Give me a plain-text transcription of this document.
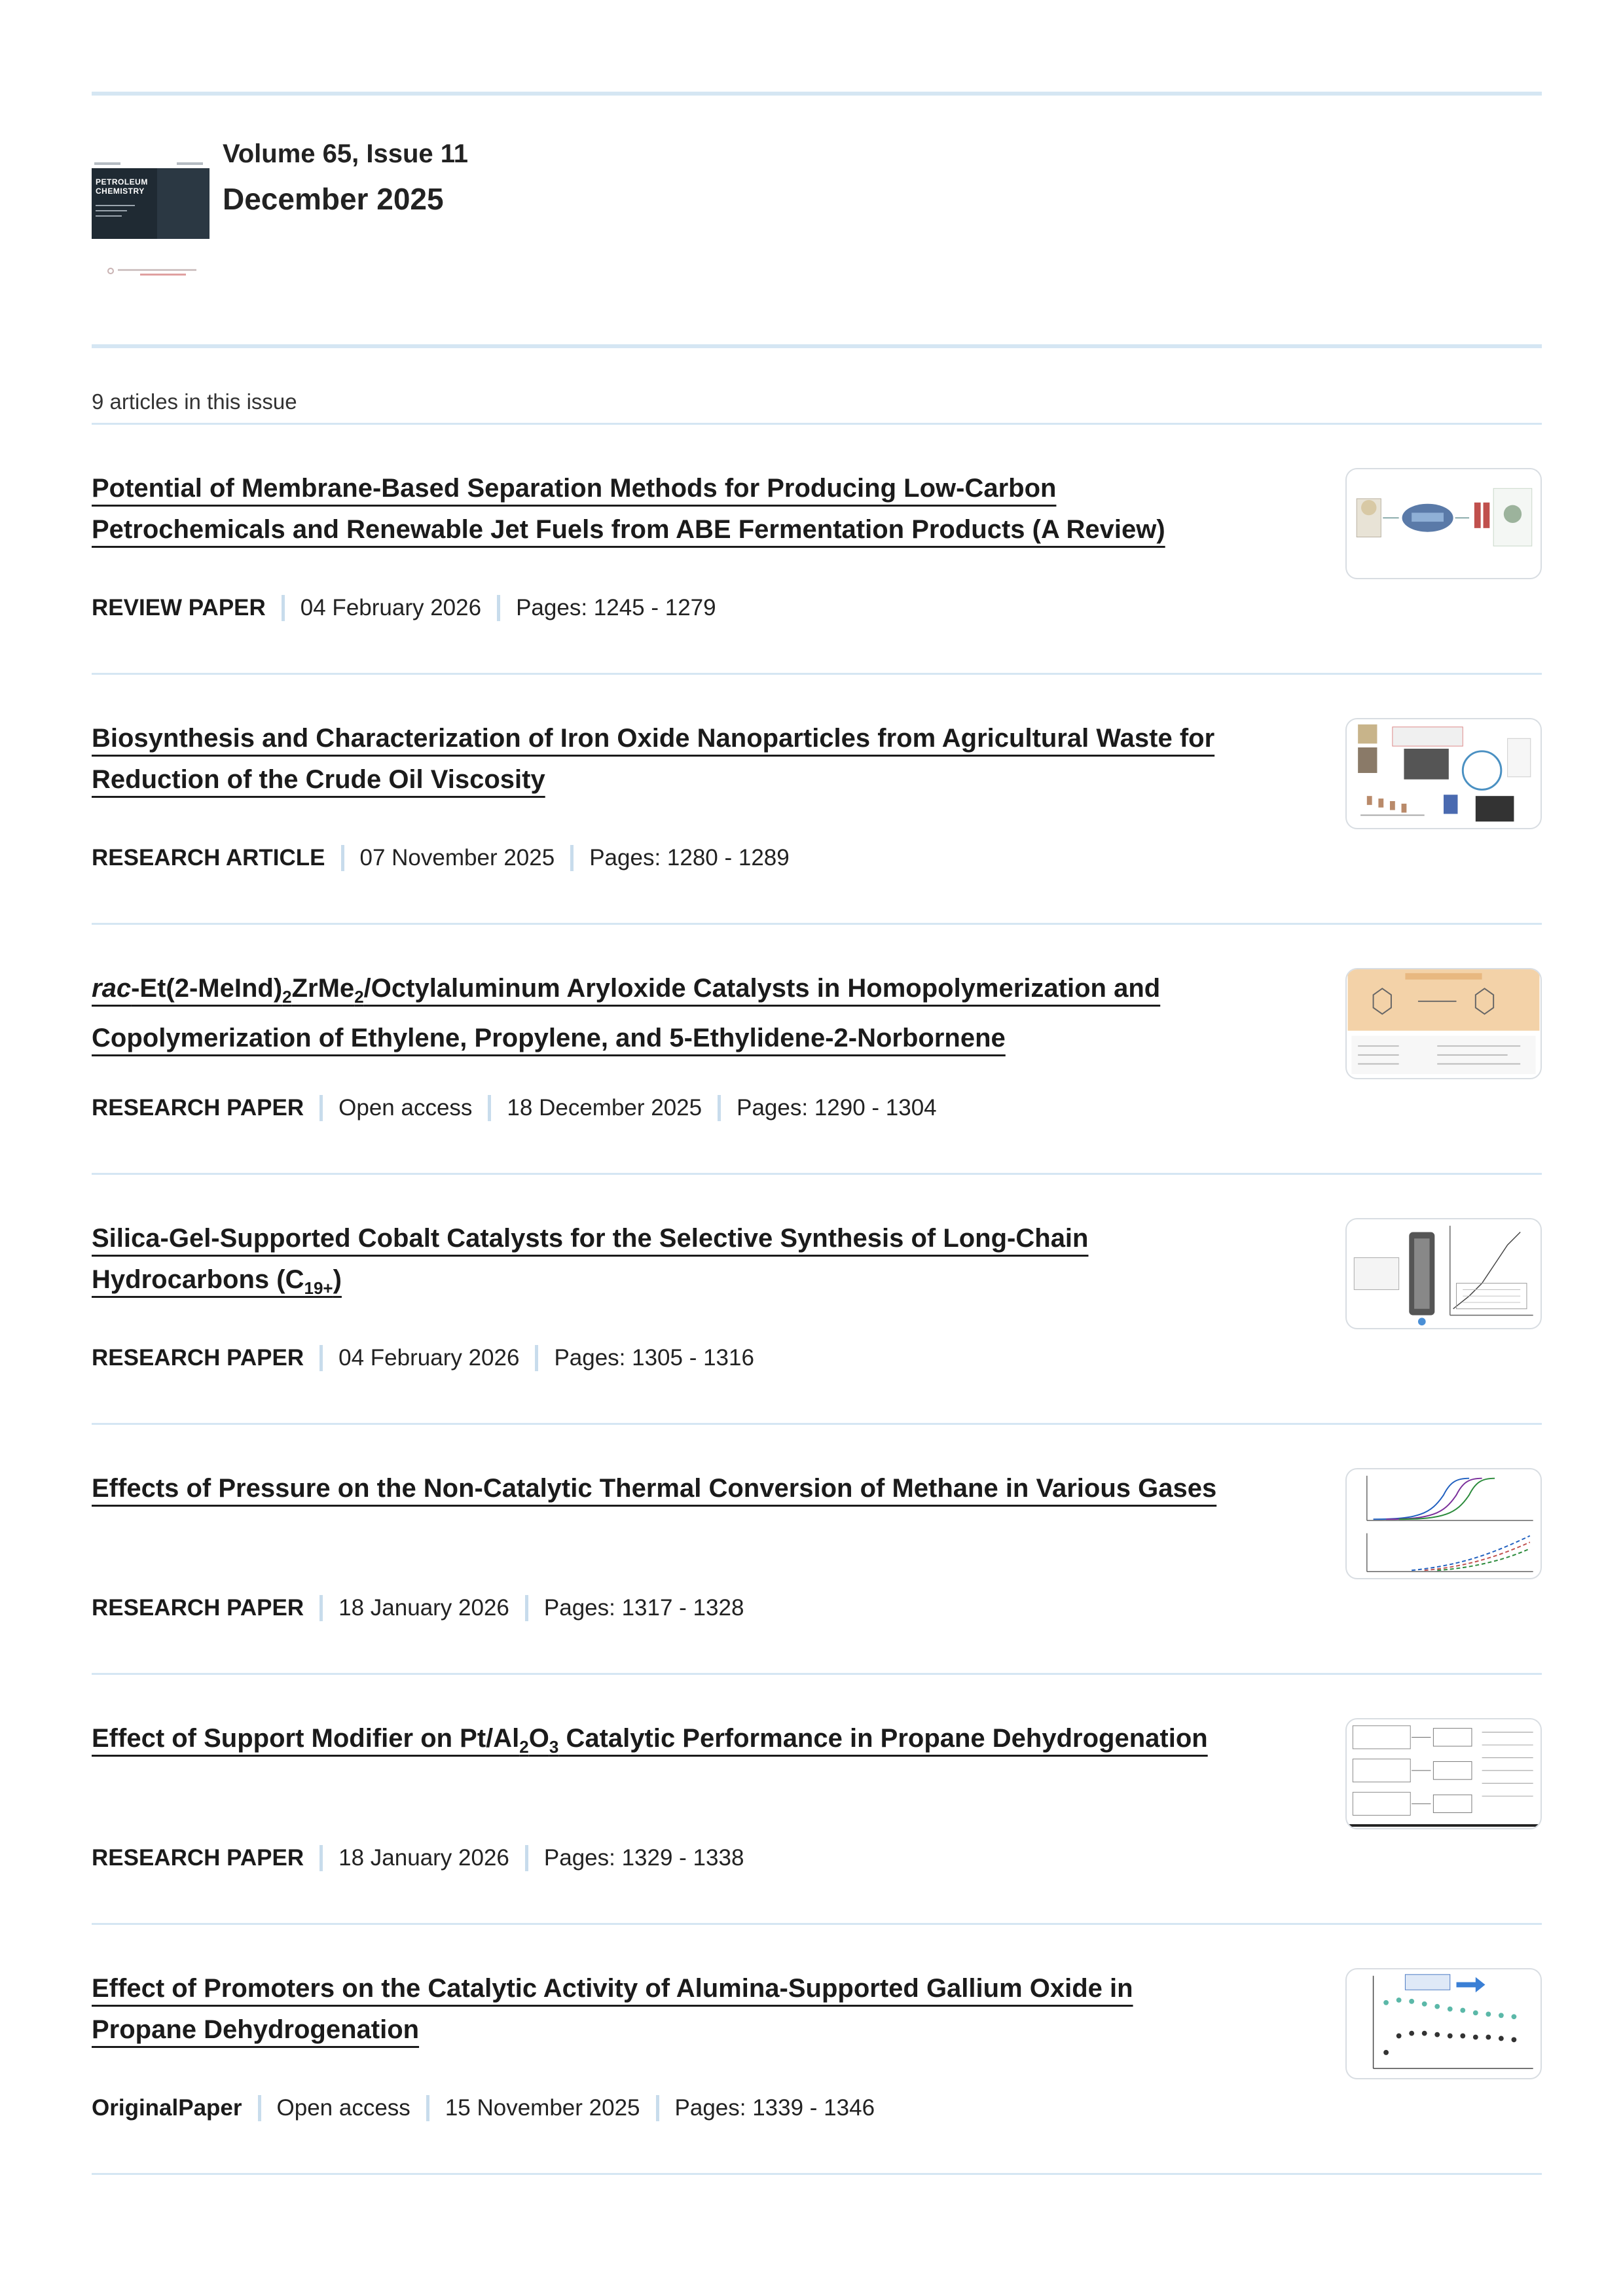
PETROLEUM
CHEMISTRY
Volume 65, Issue 11
December 2025
9 articles in this issue
Potential of Membrane-Based Separation Methods for Producing Low-Carbon
Petrochemicals and Renewable Jet Fuels from ABE Fermentation Products (A Review)
REVIEW PAPER 04 February 2026 Pages: 1245 - 1279
Biosynthesis and Characterization of Iron Oxide Nanoparticles from Agricultural Waste for
Reduction of the Crude Oil Viscosity
RESEARCH ARTICLE 07 November 2025 Pages: 1280 - 1289
rac-$Et(2-MeInd)_2ZrMe_2$/Octylaluminum Aryloxide Catalysts in Homopolymerization and
Copolymerization of Ethylene, Propylene, and 5-Ethylidene-2-Norbornene
RESEARCH PAPER Open access 18 December 2025 Pages: 1290 - 1304
Silica-Gel-Supported Cobalt Catalysts for the Selective Synthesis of Long-Chain
Hydrocarbons $(C_{19+})$
RESEARCH PAPER 04 February 2026 Pages: 1305 - 1316
Effects of Pressure on the Non-Catalytic Thermal Conversion of Methane in Various Gases
RESEARCH PAPER 18 January 2026 Pages: 1317 - 1328
Effect of Support Modifier on $Pt/Al_2O_3$ Catalytic Performance in Propane Dehydrogenation
RESEARCH PAPER 18 January 2026 Pages: 1329 - 1338
Effect of Promoters on the Catalytic Activity of Alumina-Supported Gallium Oxide in
Propane Dehydrogenation
OriginalPaper Open access 15 November 2025 Pages: 1339 - 1346
